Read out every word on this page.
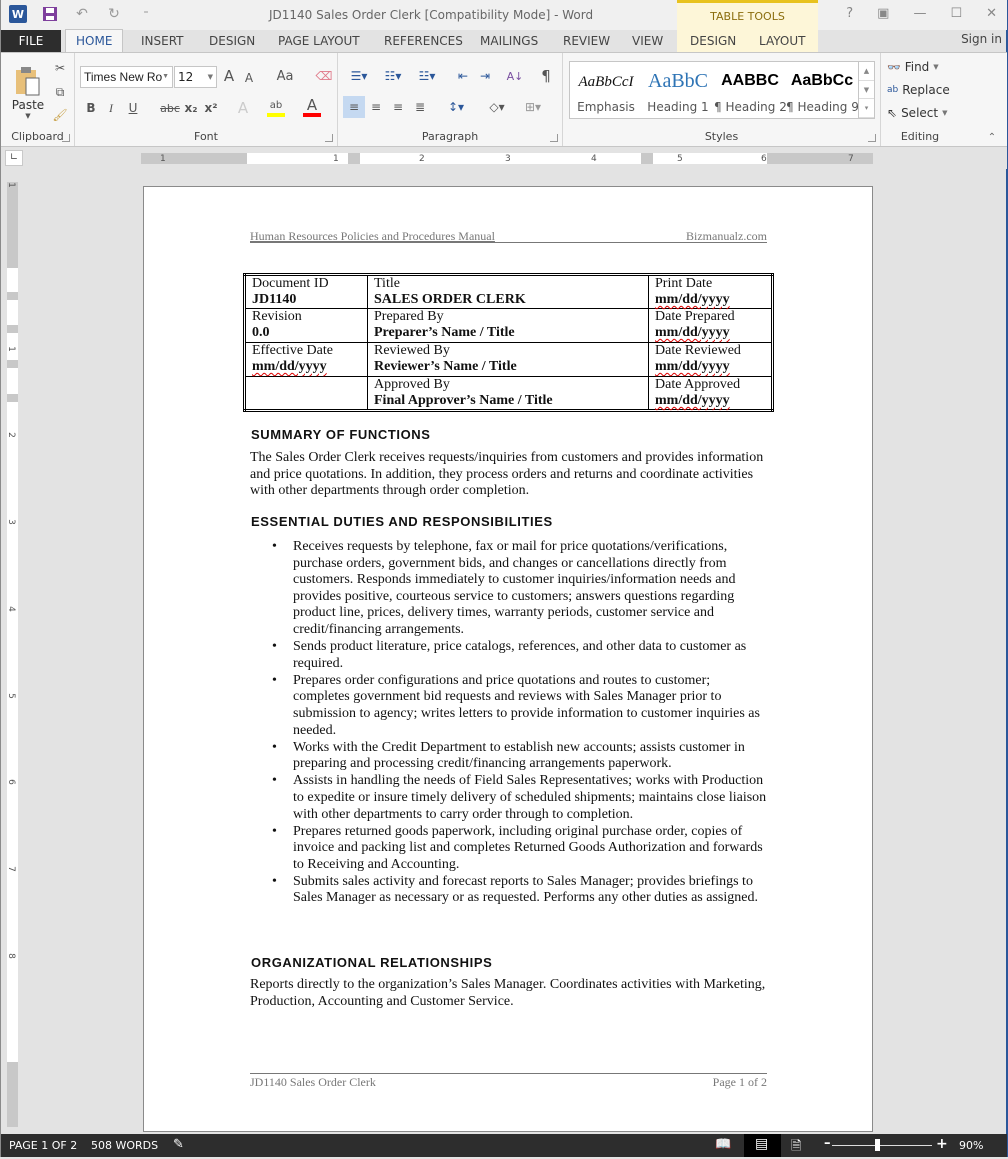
W	↶ ↻	⁼	JD1140 Sales Order Clerk [Compatibility Mode] - Word	? ▣ — ☐ ✕
TABLE TOOLS
FILE	HOME	INSERT	DESIGN	PAGE LAYOUT	REFERENCES	MAILINGS	REVIEW	VIEW	DESIGN	LAYOUT	Sign in
Paste
▼
✂
⧉
🖌
Clipboard
Times New Ro ▼ 12 ▼ A A	Aa	⌫
B	I	U	abc x₂ x² A ab A
Font
☰▾	☷▾	☳▾	⇤ ⇥	A↓ ¶
≡ ≡ ≡ ≣	↕▾	◇▾	⊞▾
Paragraph
AaBbCcI
Emphasis
AaBbC
Heading 1
AABBC
¶ Heading 2
AaBbCc
¶ Heading 9
▲
▼
▾
Styles
👓 Find ▼
ab Replace
⇖ Select ▼
Editing	⌃
∟	1	1	2	3	4	5	6	7
1
1
2
3
4
5
6
7
8
Human Resources Policies and Procedures Manual	Bizmanualz.com
Document ID
JD1140	Title
SALES ORDER CLERK	Print Date
mm/dd/yyyy

Revision
0.0	Prepared By
Preparer’s Name / Title	Date Prepared
mm/dd/yyyy

Effective Date
mm/dd/yyyy	Reviewed By
Reviewer’s Name / Title	Date Reviewed
mm/dd/yyyy

	Approved By
Final Approver’s Name / Title	Date Approved
mm/dd/yyyy
SUMMARY OF FUNCTIONS
The Sales Order Clerk receives requests/inquiries from customers and provides information and price quotations. In addition, they process orders and returns and coordinate activities with other departments through order completion.
ESSENTIAL DUTIES AND RESPONSIBILITIES
• Receives requests by telephone, fax or mail for price quotations/verifications, purchase orders, government bids, and changes or cancellations directly from customers. Responds immediately to customer inquiries/information needs and provides positive, courteous service to customers; answers questions regarding product line, prices, delivery times, warranty periods, customer service and credit/financing arrangements.
• Sends product literature, price catalogs, references, and other data to customer as required.
• Prepares order configurations and price quotations and routes to customer; completes government bid requests and reviews with Sales Manager prior to submission to agency; writes letters to provide information to customer inquiries as needed.
• Works with the Credit Department to establish new accounts; assists customer in preparing and processing credit/financing arrangements paperwork.
• Assists in handling the needs of Field Sales Representatives; works with Production to expedite or insure timely delivery of scheduled shipments; maintains close liaison with other departments to carry order through to completion.
• Prepares returned goods paperwork, including original purchase order, copies of invoice and packing list and completes Returned Goods Authorization and forwards to Receiving and Accounting.
• Submits sales activity and forecast reports to Sales Manager; provides briefings to Sales Manager as necessary or as requested. Performs any other duties as assigned.
ORGANIZATIONAL RELATIONSHIPS
Reports directly to the organization’s Sales Manager. Coordinates activities with Marketing, Production, Accounting and Customer Service.
JD1140 Sales Order Clerk	Page 1 of 2
PAGE 1 OF 2 508 WORDS ✎	📖 ▤ 🗎 –	+ 90%
